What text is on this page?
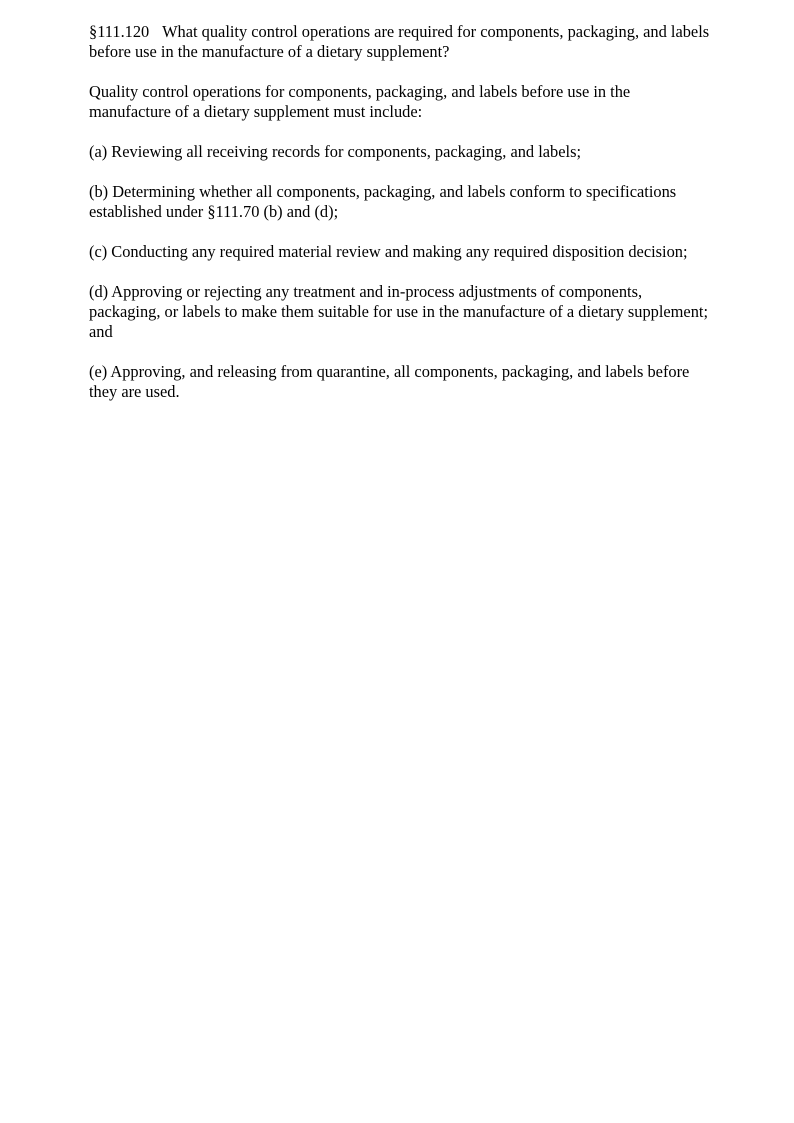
§111.120 What quality control operations are required for components, packaging, and labels before use in the manufacture of a dietary supplement?

Quality control operations for components, packaging, and labels before use in the manufacture of a dietary supplement must include:

(a) Reviewing all receiving records for components, packaging, and labels;

(b) Determining whether all components, packaging, and labels conform to specifications established under §111.70 (b) and (d);

(c) Conducting any required material review and making any required disposition decision;

(d) Approving or rejecting any treatment and in-process adjustments of components, packaging, or labels to make them suitable for use in the manufacture of a dietary supplement; and

(e) Approving, and releasing from quarantine, all components, packaging, and labels before they are used.
